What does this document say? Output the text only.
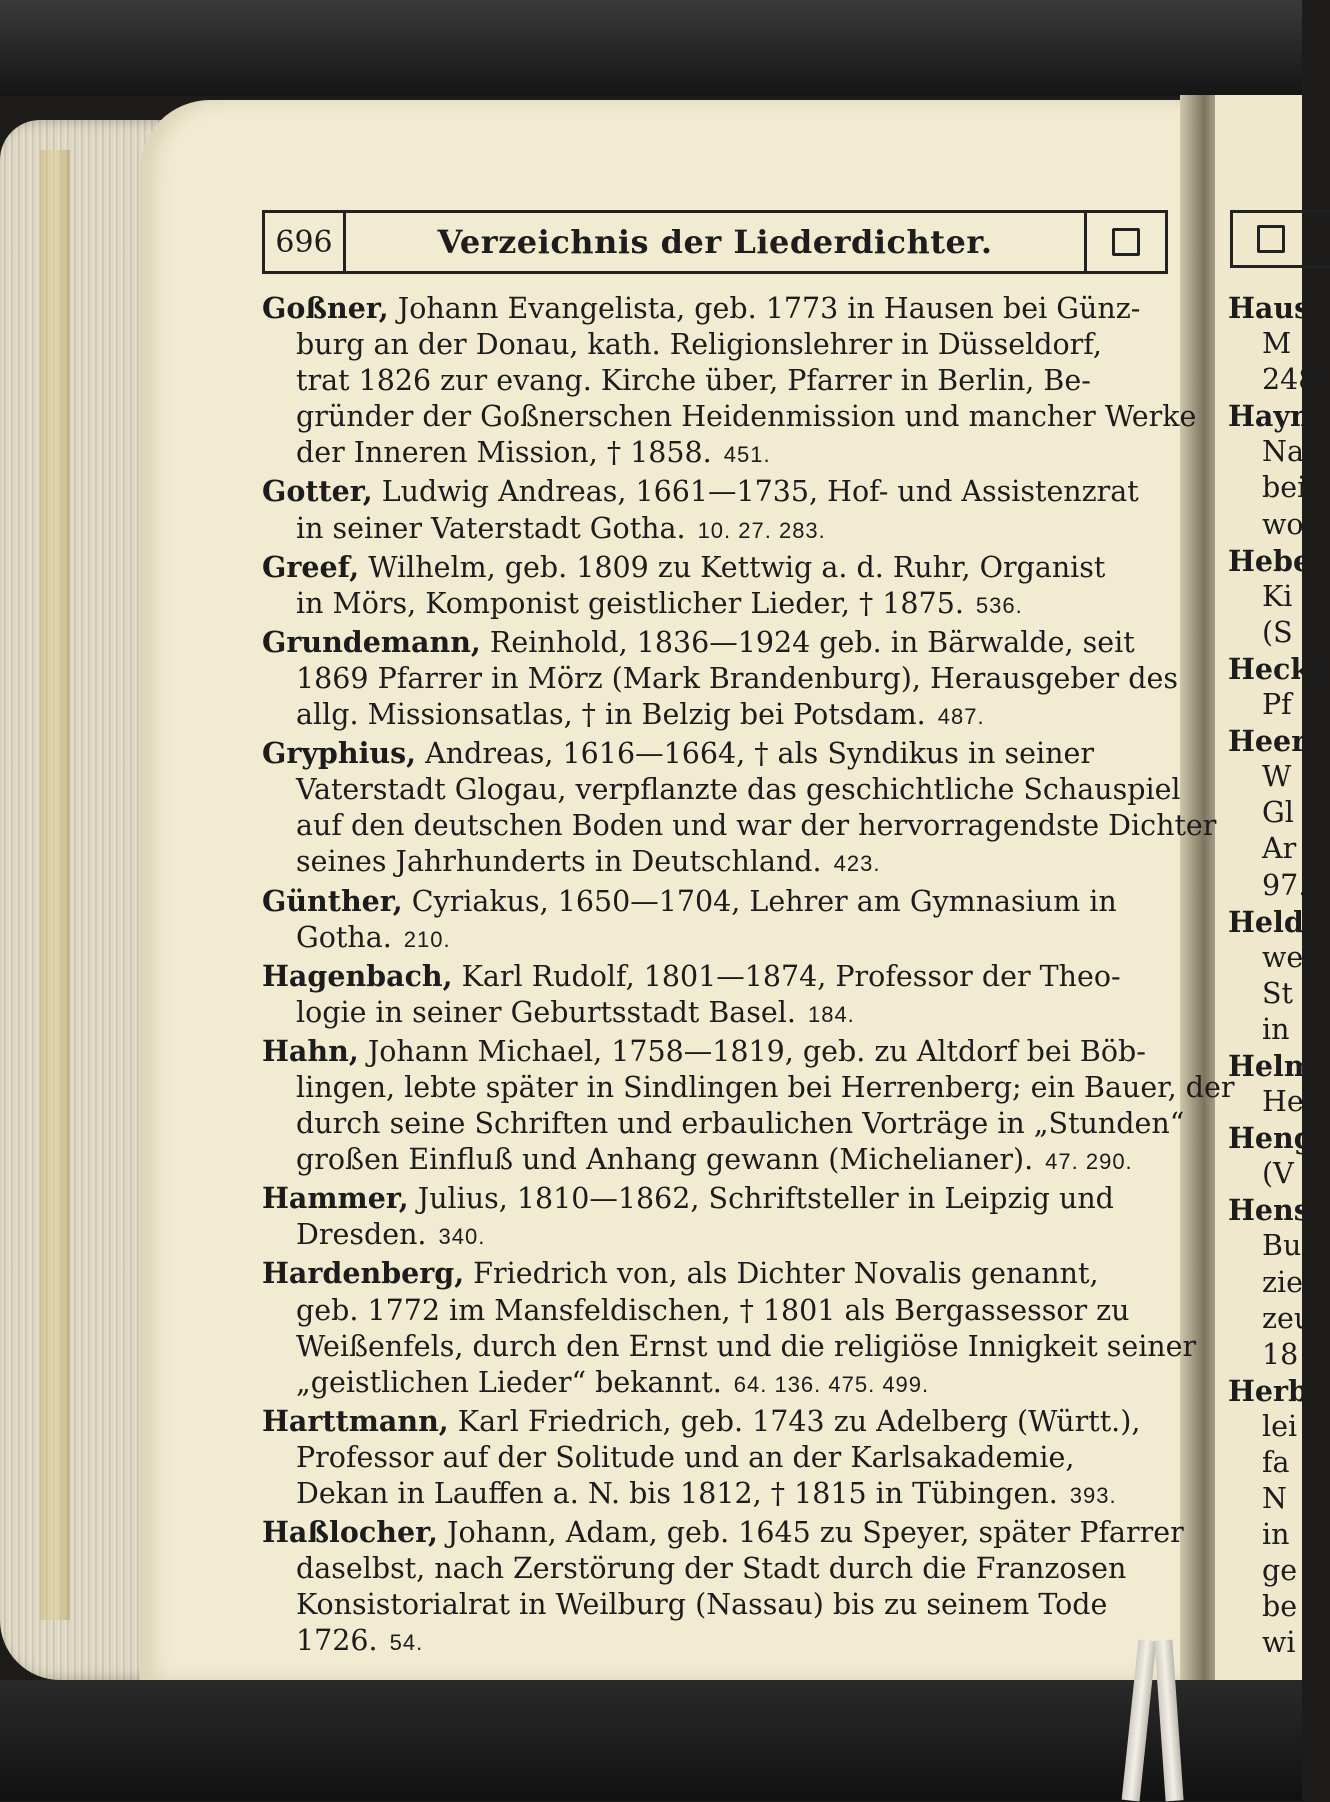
696	Verzeichnis der Liederdichter.
Goßner, Johann Evangelista, geb. 1773 in Hausen bei Günz-
burg an der Donau, kath. Religionslehrer in Düsseldorf,
trat 1826 zur evang. Kirche über, Pfarrer in Berlin, Be-
gründer der Goßnerschen Heidenmission und mancher Werke
der Inneren Mission, † 1858. 451.
Gotter, Ludwig Andreas, 1661—1735, Hof- und Assistenzrat
in seiner Vaterstadt Gotha. 10. 27. 283.
Greef, Wilhelm, geb. 1809 zu Kettwig a. d. Ruhr, Organist
in Mörs, Komponist geistlicher Lieder, † 1875. 536.
Grundemann, Reinhold, 1836—1924 geb. in Bärwalde, seit
1869 Pfarrer in Mörz (Mark Brandenburg), Herausgeber des
allg. Missionsatlas, † in Belzig bei Potsdam. 487.
Gryphius, Andreas, 1616—1664, † als Syndikus in seiner
Vaterstadt Glogau, verpflanzte das geschichtliche Schauspiel
auf den deutschen Boden und war der hervorragendste Dichter
seines Jahrhunderts in Deutschland. 423.
Günther, Cyriakus, 1650—1704, Lehrer am Gymnasium in
Gotha. 210.
Hagenbach, Karl Rudolf, 1801—1874, Professor der Theo-
logie in seiner Geburtsstadt Basel. 184.
Hahn, Johann Michael, 1758—1819, geb. zu Altdorf bei Böb-
lingen, lebte später in Sindlingen bei Herrenberg; ein Bauer, der
durch seine Schriften und erbaulichen Vorträge in „Stunden“
großen Einfluß und Anhang gewann (Michelianer). 47. 290.
Hammer, Julius, 1810—1862, Schriftsteller in Leipzig und
Dresden. 340.
Hardenberg, Friedrich von, als Dichter Novalis genannt,
geb. 1772 im Mansfeldischen, † 1801 als Bergassessor zu
Weißenfels, durch den Ernst und die religiöse Innigkeit seiner
„geistlichen Lieder“ bekannt. 64. 136. 475. 499.
Harttmann, Karl Friedrich, geb. 1743 zu Adelberg (Württ.),
Professor auf der Solitude und an der Karlsakademie,
Dekan in Lauffen a. N. bis 1812, † 1815 in Tübingen. 393.
Haßlocher, Johann, Adam, geb. 1645 zu Speyer, später Pfarrer
daselbst, nach Zerstörung der Stadt durch die Franzosen
Konsistorialrat in Weilburg (Nassau) bis zu seinem Tode
1726. 54.
Haus
M
248
Hayn
Na
bei
wo
Hebe
Ki
(S
Hecke
Pf
Heer
W
Gl
Ar
97.
Held,
we
St
in
Helm
He
Heng
(V
Hens
Bu
zie
zeu
18
Herb
lei
fa
N
in
ge
be
wi
